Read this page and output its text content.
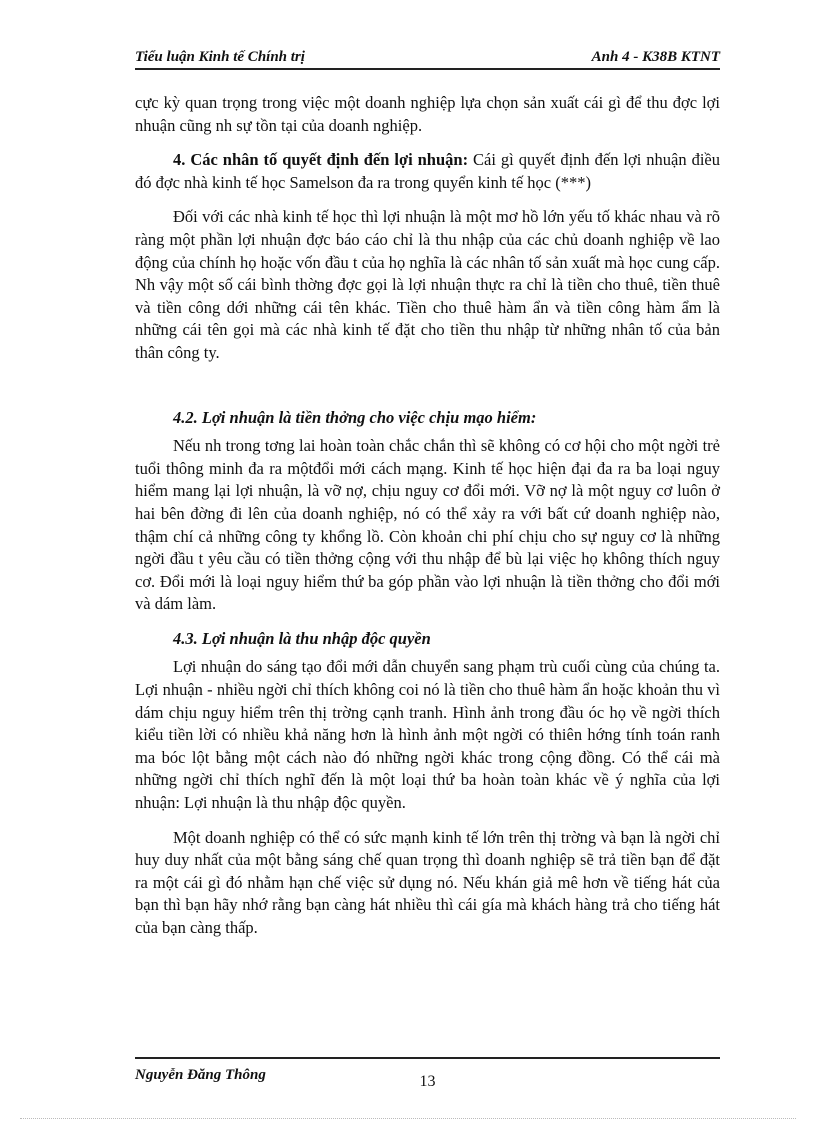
Tiểu luận Kinh tế Chính trị	Anh 4 - K38B KTNT

cực kỳ quan trọng trong việc một doanh nghiệp lựa chọn sản xuất cái gì để thu đợc lợi nhuận cũng nh sự tồn tại của doanh nghiệp.

4. Các nhân tố quyết định đến lợi nhuận: Cái gì quyết định đến lợi nhuận điều đó đợc nhà kinh tế học Samelson đa ra trong quyển kinh tế học (***)

Đối với các nhà kinh tế học thì lợi nhuận là một mơ hồ lớn yếu tố khác nhau và rõ ràng một phần lợi nhuận đợc báo cáo chỉ là thu nhập của các chủ doanh nghiệp về lao động của chính họ hoặc vốn đầu t của họ nghĩa là các nhân tố sản xuất mà học cung cấp. Nh vậy một số cái bình thờng đợc gọi là lợi nhuận thực ra chỉ là tiền cho thuê, tiền thuê và tiền công dới những cái tên khác. Tiền cho thuê hàm ẩn và tiền công hàm ẩm là những cái tên gọi mà các nhà kinh tế đặt cho tiền thu nhập từ những nhân tố của bản thân công ty.

4.2. Lợi nhuận là tiền thởng cho việc chịu mạo hiểm:

Nếu nh trong tơng lai hoàn toàn chắc chắn thì sẽ không có cơ hội cho một ngời trẻ tuổi thông minh đa ra mộtđổi mới cách mạng. Kinh tế học hiện đại đa ra ba loại nguy hiểm mang lại lợi nhuận, là vỡ nợ, chịu nguy cơ đổi mới. Vỡ nợ là một nguy cơ luôn ở hai bên đờng đi lên của doanh nghiệp, nó có thể xảy ra với bất cứ doanh nghiệp nào, thậm chí cả những công ty khổng lồ. Còn khoản chi phí chịu cho sự nguy cơ là những ngời đầu t yêu cầu có tiền thởng cộng với thu nhập để bù lại việc họ không thích nguy cơ. Đổi mới là loại nguy hiểm thứ ba góp phần vào lợi nhuận là tiền thởng cho đổi mới và dám làm.

4.3. Lợi nhuận là thu nhập độc quyền

Lợi nhuận do sáng tạo đổi mới dẫn chuyển sang phạm trù cuối cùng của chúng ta. Lợi nhuận - nhiều ngời chỉ thích không coi nó là tiền cho thuê hàm ẩn hoặc khoản thu vì dám chịu nguy hiểm trên thị trờng cạnh tranh. Hình ảnh trong đầu óc họ về ngời thích kiểu tiền lời có nhiều khả năng hơn là hình ảnh một ngời có thiên hớng tính toán ranh ma bóc lột bằng một cách nào đó những ngời khác trong cộng đồng. Có thể cái mà những ngời chỉ thích nghĩ đến là một loại thứ ba hoàn toàn khác về ý nghĩa của lợi nhuận: Lợi nhuận là thu nhập độc quyền.

Một doanh nghiệp có thể có sức mạnh kinh tế lớn trên thị trờng và bạn là ngời chỉ huy duy nhất của một bằng sáng chế quan trọng thì doanh nghiệp sẽ trả tiền bạn để đặt ra một cái gì đó nhằm hạn chế việc sử dụng nó. Nếu khán giả mê hơn về tiếng hát của bạn thì bạn hãy nhớ rằng bạn càng hát nhiều thì cái gía mà khách hàng trả cho tiếng hát của bạn càng thấp.

Nguyễn Đăng Thông	13
